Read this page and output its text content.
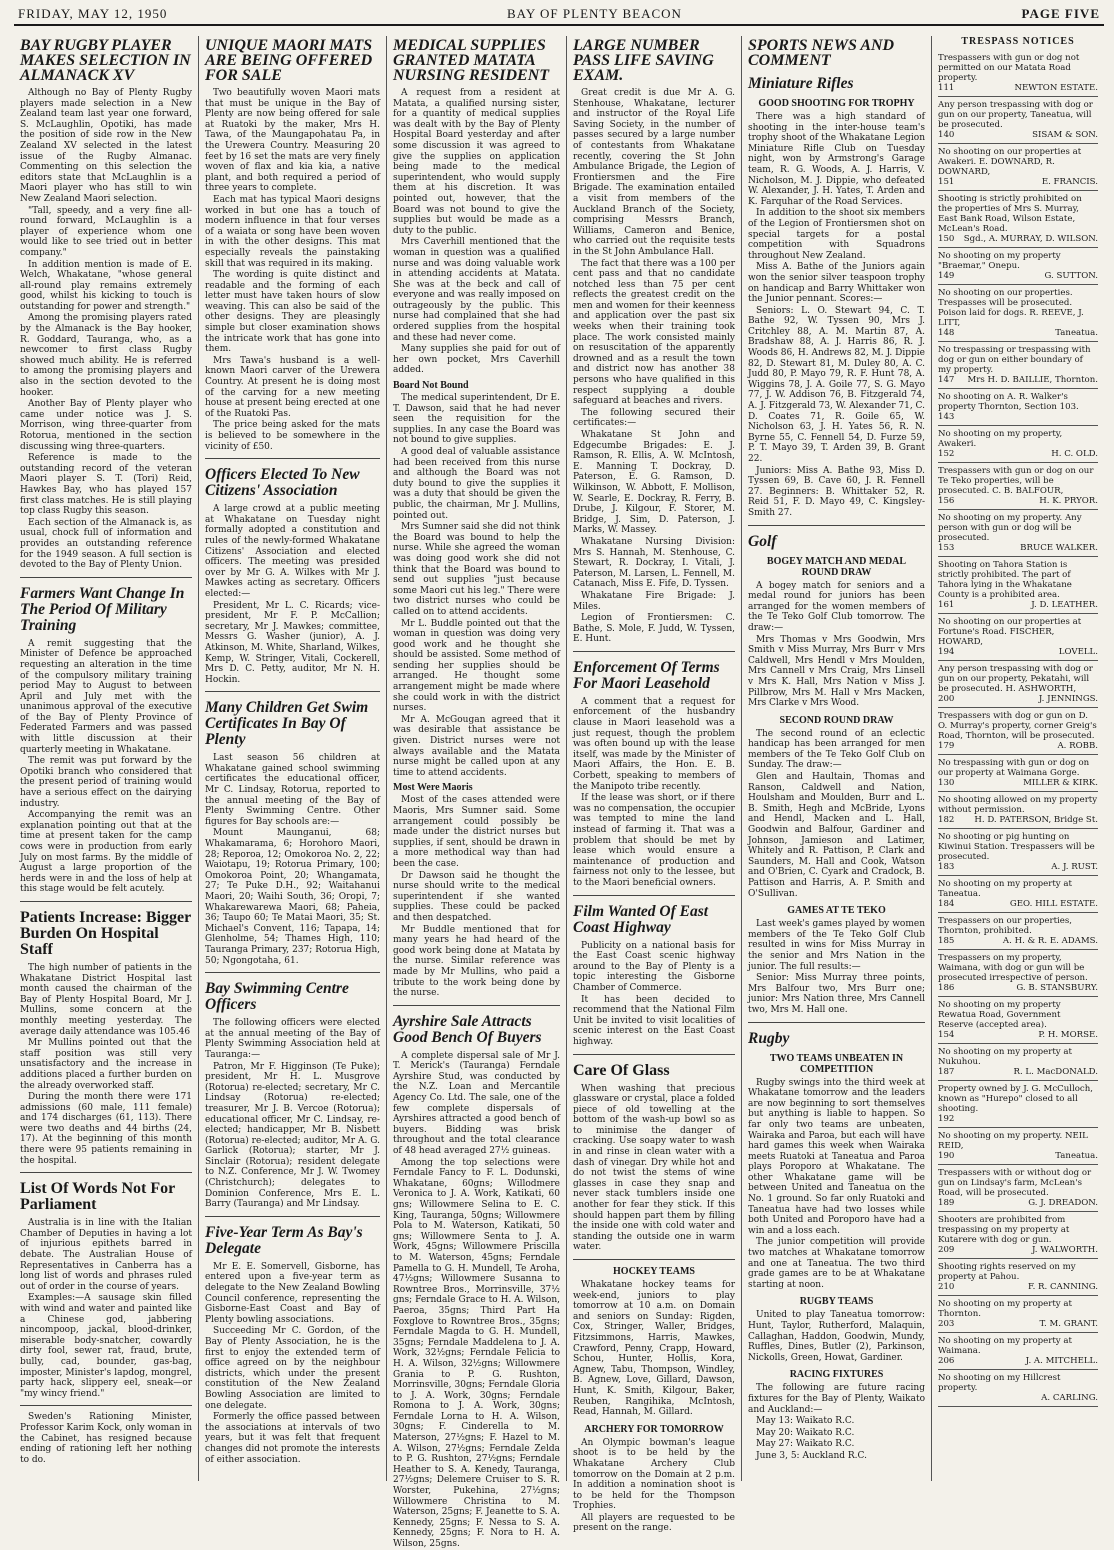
FRIDAY, MAY 12, 1950	BAY OF PLENTY BEACON	PAGE FIVE
BAY RUGBY PLAYER MAKES SELECTION IN ALMANACK XV

Although no Bay of Plenty Rugby players made selection in a New Zealand team last year one forward, S. McLaughlin, Opotiki, has made the position of side row in the New Zealand XV selected in the latest issue of the Rugby Almanac. Commenting on this selection the editors state that McLaughlin is a Maori player who has still to win New Zealand Maori selection.

"Tall, speedy, and a very fine all-round forward, McLaughlin is a player of experience whom one would like to see tried out in better company."

In addition mention is made of E. Welch, Whakatane, "whose general all-round play remains extremely good, whilst his kicking to touch is outstanding for power and strength."

Among the promising players rated by the Almanack is the Bay hooker, R. Goddard, Tauranga, who, as a newcomer to first class Rugby showed much ability. He is referred to among the promising players and also in the section devoted to the hooker.

Another Bay of Plenty player who came under notice was J. S. Morrison, wing three-quarter from Rotorua, mentioned in the section discussing wing three-quarters.

Reference is made to the outstanding record of the veteran Maori player S. T. (Tori) Reid, Hawkes Bay, who has played 157 first class matches. He is still playing top class Rugby this season.

Each section of the Almanack is, as usual, chock full of information and provides an outstanding reference for the 1949 season. A full section is devoted to the Bay of Plenty Union.

Farmers Want Change In The Period Of Military Training

A remit suggesting that the Minister of Defence be approached requesting an alteration in the time of the compulsory military training period May to August to between April and July met with the unanimous approval of the executive of the Bay of Plenty Province of Federated Farmers and was passed with little discussion at their quarterly meeting in Whakatane.

The remit was put forward by the Opotiki branch who considered that the present period of training would have a serious effect on the dairying industry.

Accompanying the remit was an explanation pointing out that at the time at present taken for the camp cows were in production from early July on most farms. By the middle of August a large proportion of the herds were in and the loss of help at this stage would be felt acutely.

Patients Increase: Bigger Burden On Hospital Staff

The high number of patients in the Whakatane District Hospital last month caused the chairman of the Bay of Plenty Hospital Board, Mr J. Mullins, some concern at the monthly meeting yesterday. The average daily attendance was 105.46

Mr Mullins pointed out that the staff position was still very unsatisfactory and the increase in additions placed a further burden on the already overworked staff.

During the month there were 171 admissions (60 male, 111 female) and 174 discharges (61, 113). There were two deaths and 44 births (24, 17). At the beginning of this month there were 95 patients remaining in the hospital.

List Of Words Not For Parliament

Australia is in line with the Italian Chamber of Deputies in having a lot of injurious epithets barred in debate. The Australian House of Representatives in Canberra has a long list of words and phrases ruled out of order in the course of years.

Examples:—A sausage skin filled with wind and water and painted like a Chinese god, jabbering nincompoop, jackal, blood-drinker, miserable body-snatcher, cowardly dirty fool, sewer rat, fraud, brute, bully, cad, bounder, gas-bag, imposter, Minister's lapdog, mongrel, party hack, slippery eel, sneak—or "my wincy friend."

Sweden's Rationing Minister, Professor Karim Kock, only woman in the Cabinet, has resigned because ending of rationing left her nothing to do.

UNIQUE MAORI MATS ARE BEING OFFERED FOR SALE

Two beautifully woven Maori mats that must be unique in the Bay of Plenty are now being offered for sale at Ruatoki by the maker, Mrs H. Tawa, of the Maungapohatau Pa, in the Urewera Country. Measuring 20 feet by 16 set the mats are very finely woven of flax and kia kia, a native plant, and both required a period of three years to complete.

Each mat has typical Maori designs worked in but one has a touch of modern influence in that four verses of a waiata or song have been woven in with the other designs. This mat especially reveals the painstaking skill that was required in its making.

The wording is quite distinct and readable and the forming of each letter must have taken hours of slow weaving. This can also be said of the other designs. They are pleasingly simple but closer examination shows the intricate work that has gone into them.

Mrs Tawa's husband is a well-known Maori carver of the Urewera Country. At present he is doing most of the carving for a new meeting house at present being erected at one of the Ruatoki Pas.

The price being asked for the mats is believed to be somewhere in the vicinity of £50.

Officers Elected To New Citizens' Association

A large crowd at a public meeting at Whakatane on Tuesday night formally adopted a constitution and rules of the newly-formed Whakatane Citizens' Association and elected officers. The meeting was presided over by Mr G. A. Wilkes with Mr J. Mawkes acting as secretary. Officers elected:—

President, Mr L. C. Ricards; vice-president, Mr F. P. McCallion; secretary, Mr J. Mawkes; committee, Messrs G. Washer (junior), A. J. Atkinson, M. White, Sharland, Wilkes, Kemp, W. Stringer, Vitali, Cockerell, Mrs D. C. Petty, auditor, Mr N. H. Hockin.

Many Children Get Swim Certificates In Bay Of Plenty

Last season 56 children at Whakatane gained school swimming certificates the educational officer, Mr C. Lindsay, Rotorua, reported to the annual meeting of the Bay of Plenty Swimming Centre. Other figures for Bay schools are:—

Mount Maunganui, 68; Whakamarama, 6; Horohoro Maori, 28; Reporoa, 12; Omokoroa No. 2, 22; Waiotapu, 19; Rotorua Primary, 100; Omokoroa Point, 20; Whangamata, 27; Te Puke D.H., 92; Waitahanui Maori, 20; Waihi South, 36; Oropi, 7; Whakarewarewa Maori, 68; Paheia, 36; Taupo 60; Te Matai Maori, 35; St. Michael's Convent, 116; Tapapa, 14; Glenholme, 54; Thames High, 110; Tauranga Primary, 237; Rotorua High, 50; Ngongotaha, 61.

Bay Swimming Centre Officers

The following officers were elected at the annual meeting of the Bay of Plenty Swimming Association held at Tauranga:—

Patron, Mr F. Higginson (Te Puke); president, Mr H. L. Musgrove (Rotorua) re-elected; secretary, Mr C. Lindsay (Rotorua) re-elected; treasurer, Mr J. B. Vercoe (Rotorua); educational officer, Mr C. Lindsay, re-elected; handicapper, Mr B. Nisbett (Rotorua) re-elected; auditor, Mr A. G. Garlick (Rotorua); starter, Mr J. Sinclair (Rotorua); resident delegate to N.Z. Conference, Mr J. W. Twomey (Christchurch); delegates to Dominion Conference, Mrs E. L. Barry (Tauranga) and Mr Lindsay.

Five-Year Term As Bay's Delegate

Mr E. E. Somervell, Gisborne, has entered upon a five-year term as delegate to the New Zealand Bowling Council conference, representing the Gisborne-East Coast and Bay of Plenty bowling associations.

Succeeding Mr C. Gordon, of the Bay of Plenty Association, he is the first to enjoy the extended term of office agreed on by the neighbour districts, which under the present constitution of the New Zealand Bowling Association are limited to one delegate.

Formerly the office passed between the associations at intervals of two years, but it was felt that frequent changes did not promote the interests of either association.

MEDICAL SUPPLIES GRANTED MATATA NURSING RESIDENT

A request from a resident at Matata, a qualified nursing sister, for a quantity of medical supplies was dealt with by the Bay of Plenty Hospital Board yesterday and after some discussion it was agreed to give the supplies on application being made to the medical superintendent, who would supply them at his discretion. It was pointed out, however, that the Board was not bound to give the supplies but would be made as a duty to the public.

Mrs Caverhill mentioned that the woman in question was a qualified nurse and was doing valuable work in attending accidents at Matata. She was at the beck and call of everyone and was really imposed on outrageously by the public. This nurse had complained that she had ordered supplies from the hospital and these had never come.

Many supplies she paid for out of her own pocket, Mrs Caverhill added.

Board Not Bound

The medical superintendent, Dr E. T. Dawson, said that he had never seen the requisition for the supplies. In any case the Board was not bound to give supplies.

A good deal of valuable assistance had been received from this nurse and although the Board was not duty bound to give the supplies it was a duty that should be given the public, the chairman, Mr J. Mullins, pointed out.

Mrs Sumner said she did not think the Board was bound to help the nurse. While she agreed the woman was doing good work she did not think that the Board was bound to send out supplies "just because some Maori cut his leg." There were two district nurses who could be called on to attend accidents.

Mr L. Buddle pointed out that the woman in question was doing very good work and he thought she should be assisted. Some method of sending her supplies should be arranged. He thought some arrangement might be made where she could work in with the district nurses.

Mr A. McGougan agreed that it was desirable that assistance be given. District nurses were not always available and the Matata nurse might be called upon at any time to attend accidents.

Most Were Maoris

Most of the cases attended were Maoris, Mrs Sumner said. Some arrangement could possibly be made under the district nurses but supplies, if sent, should be drawn in a more methodical way than had been the case.

Dr Dawson said he thought the nurse should write to the medical superintendent if she wanted supplies. These could be packed and then despatched.

Mr Buddle mentioned that for many years he had heard of the good work being done at Matata by the nurse. Similar reference was made by Mr Mullins, who paid a tribute to the work being done by the nurse.

Ayrshire Sale Attracts Good Bench Of Buyers

A complete dispersal sale of Mr J. T. Merick's (Tauranga) Ferndale Ayrshire Stud, was conducted by the N.Z. Loan and Mercantile Agency Co. Ltd. The sale, one of the few complete dispersals of Ayrshires attracted a good bench of buyers. Bidding was brisk throughout and the total clearance of 48 head averaged 27½ guineas.

Among the top selections were Ferndale Fancy to F. L. Dodunski, Whakatane, 60gns; Willodmere Veronica to J. A. Work, Katikati, 60 gns; Willowmere Selina to E. C. King, Tauranga, 50gns; Willowmere Pola to M. Waterson, Katikati, 50 gns; Willowmere Senta to J. A. Work, 45gns; Willowmere Priscilla to M. Waterson, 45gns; Ferndale Pamella to G. H. Mundell, Te Aroha, 47½gns; Willowmere Susanna to Rowntree Bros., Morrinsville, 37½ gns; Ferndale Grace to H. A. Wilson, Paeroa, 35gns; Third Part Ha Foxglove to Rowntree Bros., 35gns; Ferndale Magda to G. H. Mundell, 35gns; Ferndale Maddelena to J. A. Work, 32½gns; Ferndale Felicia to H. A. Wilson, 32½gns; Willowmere Grania to P. G. Rushton, Morrinsville, 30gns; Ferndale Gloria to J. A. Work, 30gns; Ferndale Romona to J. A. Work, 30gns; Ferndale Lorna to H. A. Wilson, 30gns; F. Cinderella to M. Materson, 27½gns; F. Hazel to M. A. Wilson, 27½gns; Ferndale Zelda to P. G. Rushton, 27½gns; Ferndale Heather to S. A. Kenedy, Tauranga, 27½gns; Delemere Cruiser to S. R. Worster, Pukehina, 27½gns; Willowmere Christina to M. Waterson, 25gns; F. Jeanette to S. A. Kennedy, 25gns; F. Nessa to S. A. Kennedy, 25gns; F. Nora to H. A. Wilson, 25gns.

LARGE NUMBER PASS LIFE SAVING EXAM.

Great credit is due Mr A. G. Stenhouse, Whakatane, lecturer and instructor of the Royal Life Saving Society, in the number of passes secured by a large number of contestants from Whakatane recently, covering the St John Ambulance Brigade, the Legion of Frontiersmen and the Fire Brigade. The examination entailed a visit from members of the Auckland Branch of the Society, comprising Messrs Branch, Williams, Cameron and Benice, who carried out the requisite tests in the St John Ambulance Hall.

The fact that there was a 100 per cent pass and that no candidate notched less than 75 per cent reflects the greatest credit on the men and women for their keenness and application over the past six weeks when their training took place. The work consisted mainly on resuscitation of the apparently drowned and as a result the town and district now has another 38 persons who have qualified in this respect supplying a double safeguard at beaches and rivers.

The following secured their certificates:—

Whakatane St John and Edgecumbe Brigades: E. J. Ramson, R. Ellis, A. W. McIntosh, E. Manning T. Dockray, D. Paterson, E. G. Ramson, D. Wilkinson, W. Abbott, F. Mollison, W. Searle, E. Dockray, R. Ferry, B. Drube, J. Kilgour, F. Storer, M. Bridge, J. Sim, D. Paterson, J. Marks, W. Massey.

Whakatane Nursing Division: Mrs S. Hannah, M. Stenhouse, C. Stewart, R. Dockray, I. Vitali, J. Paterson, M. Larsen, L. Fennell, M. Catanach, Miss E. Fife, D. Tyssen.

Whakatane Fire Brigade: J. Miles.

Legion of Frontiersmen: C. Bathe, S. Mole, F. Judd, W. Tyssen, E. Hunt.

Enforcement Of Terms For Maori Leasehold

A comment that a request for enforcement of the husbandry clause in Maori leasehold was a just request, though the problem was often bound up with the lease itself, was made by the Minister of Maori Affairs, the Hon. E. B. Corbett, speaking to members of the Manipoto tribe recently.

If the lease was short, or if there was no compensation, the occupier was tempted to mine the land instead of farming it. That was a problem that should be met by lease which would ensure a maintenance of production and fairness not only to the lessee, but to the Maori beneficial owners.

Film Wanted Of East Coast Highway

Publicity on a national basis for the East Coast scenic highway around to the Bay of Plenty is a topic interesting the Gisborne Chamber of Commerce.

It has been decided to recommend that the National Film Unit be invited to visit localities of scenic interest on the East Coast highway.

Care Of Glass

When washing that precious glassware or crystal, place a folded piece of old towelling at the bottom of the wash-up bowl so as to minimise the danger of cracking. Use soapy water to wash in and rinse in clean water with a dash of vinegar. Dry while hot and do not twist the stems of wine glasses in case they snap and never stack tumblers inside one another for fear they stick. If this should happen part them by filling the inside one with cold water and standing the outside one in warm water.

HOCKEY TEAMS

Whakatane hockey teams for week-end, juniors to play tomorrow at 10 a.m. on Domain and seniors on Sunday: Rigden, Cox, Stringer, Waller, Bridges, Fitzsimmons, Harris, Mawkes, Crawford, Penny, Crapp, Howard, Schou, Hunter, Hollis, Kora, Agnew, Tabu, Thompson, Windley, B. Agnew, Love, Gillard, Dawson, Hunt, K. Smith, Kilgour, Baker, Reuben, Rangihika, McIntosh, Read, Hannah, M. Gillard.

ARCHERY FOR TOMORROW

An Olympic bowman's league shoot is to be held by the Whakatane Archery Club tomorrow on the Domain at 2 p.m. In addition a nomination shoot is to be held for the Thompson Trophies.

All players are requested to be present on the range.

SPORTS NEWS AND COMMENT
Miniature Rifles
GOOD SHOOTING FOR TROPHY

There was a high standard of shooting in the inter-house team's trophy shoot of the Whakatane Legion Miniature Rifle Club on Tuesday night, won by Armstrong's Garage team, R. G. Woods, A. J. Harris, V. Nicholson, M. J. Dippie, who defeated W. Alexander, J. H. Yates, T. Arden and K. Farquhar of the Road Services.

In addition to the shoot six members of the Legion of Frontiersmen shot on special targets for a postal competition with Squadrons throughout New Zealand.

Miss A. Bathe of the Juniors again won the senior silver teaspoon trophy on handicap and Barry Whittaker won the Junior pennant. Scores:—

Seniors: L. O. Stewart 94, C. T. Bathe 92, W. Tyssen 90, Mrs J. Critchley 88, A. M. Martin 87, A. Bradshaw 88, A. J. Harris 86, R. J. Woods 86, H. Andrews 82, M. J. Dippie 82, D. Stewart 81, M. Duley 80, A. C. Judd 80, P. Mayo 79, R. F. Hunt 78, A. Wiggins 78, J. A. Goile 77, S. G. Mayo 77, J. W. Addison 76, B. Fitzgerald 74, A. J. Fitzgerald 73, W. Alexander 71, C. D. Coates 71, R. Goile 65, W. Nicholson 63, J. H. Yates 56, R. N. Byrne 55, C. Fennell 54, D. Furze 59, P. T. Mayo 39, T. Arden 39, B. Grant 22.

Juniors: Miss A. Bathe 93, Miss D. Tyssen 69, B. Cave 60, J. R. Fennell 27. Beginners: B. Whittaker 52, R. Reid 51, F. D. Mayo 49, C. Kingsley-Smith 27.

Golf
BOGEY MATCH AND MEDAL ROUND DRAW

A bogey match for seniors and a medal round for juniors has been arranged for the women members of the Te Teko Golf Club tomorrow. The draw:—

Mrs Thomas v Mrs Goodwin, Mrs Smith v Miss Murray, Mrs Burr v Mrs Caldwell, Mrs Hendl v Mrs Moulden, Mrs Cannell v Mrs Craig, Mrs Linsell v Mrs K. Hall, Mrs Nation v Miss J. Pillbrow, Mrs M. Hall v Mrs Macken, Mrs Clarke v Mrs Wood.

SECOND ROUND DRAW

The second round of an eclectic handicap has been arranged for men members of the Te Teko Golf Club on Sunday. The draw:—

Glen and Haultain, Thomas and Ranson, Caldwell and Nation, Houlsham and Moulden, Burr and L. B. Smith, Hegh and McBride, Lyons and Hendl, Macken and L. Hall, Goodwin and Balfour, Gardiner and Johnson, Jamieson and Latimer, Whitely and R. Pattison, P. Clark and Saunders, M. Hall and Cook, Watson and O'Brien, C. Cyark and Cradock, B. Pattison and Harris, A. P. Smith and O'Sullivan.

GAMES AT TE TEKO

Last week's games played by women members of the Te Teko Golf Club resulted in wins for Miss Murray in the senior and Mrs Nation in the junior. The full results:—

Senior: Miss Murray three points, Mrs Balfour two, Mrs Burr one; junior: Mrs Nation three, Mrs Cannell two, Mrs M. Hall one.

Rugby
TWO TEAMS UNBEATEN IN COMPETITION

Rugby swings into the third week at Whakatane tomorrow and the leaders are now beginning to sort themselves but anything is liable to happen. So far only two teams are unbeaten, Wairaka and Paroa, but each will have hard games this week when Wairaka meets Ruatoki at Taneatua and Paroa plays Poroporo at Whakatane. The other Whakatane game will be between United and Taneatua on the No. 1 ground. So far only Ruatoki and Taneatua have had two losses while both United and Poroporo have had a win and a loss each.

The junior competition will provide two matches at Whakatane tomorrow and one at Taneatua. The two third grade games are to be at Whakatane starting at noon.

RUGBY TEAMS

United to play Taneatua tomorrow: Hunt, Taylor, Rutherford, Malaquin, Callaghan, Haddon, Goodwin, Mundy, Ruffles, Dines, Butler (2), Parkinson, Nickolls, Green, Howat, Gardiner.

RACING FIXTURES

The following are future racing fixtures for the Bay of Plenty, Waikato and Auckland:—

May 13: Waikato R.C.

May 20: Waikato R.C.

May 27: Waikato R.C.

June 3, 5: Auckland R.C.

TRESPASS NOTICES
Trespassers with gun or dog not permitted on our Matata Road property.
111	NEWTON ESTATE.
Any person trespassing with dog or gun on our property, Taneatua, will be prosecuted.
140	SISAM & SON.
No shooting on our properties at Awakeri. E. DOWNARD, R. DOWNARD,
151	E. FRANCIS.
Shooting is strictly prohibited on the properties of Mrs S. Murray, East Bank Road, Wilson Estate, McLean's Road.
150 Sgd., A. MURRAY, D. WILSON.
No shooting on my property "Braemar," Onepu.
149	G. SUTTON.
No shooting on our properties. Trespasses will be prosecuted. Poison laid for dogs. R. REEVE, J. LITT,
148	Taneatua.
No trespassing or trespassing with dog or gun on either boundary of my property.
147 Mrs H. D. BAILLIE, Thornton.
No shooting on A. R. Walker's property Thornton, Section 103.
143
No shooting on my property, Awakeri.
152	H. C. OLD.
Trespassers with gun or dog on our Te Teko properties, will be prosecuted. C. B. BALFOUR,
156	H. K. PRYOR.
No shooting on my property. Any person with gun or dog will be prosecuted.
153	BRUCE WALKER.
Shooting on Tahora Station is strictly prohibited. The part of Tahora lying in the Whakatane County is a prohibited area.
161	J. D. LEATHER.
No shooting on our properties at Fortune's Road. FISCHER, HOWARD,
194	LOVELL.
Any person trespassing with dog or gun on our property, Pekatahi, will be prosecuted. H. ASHWORTH,
200	J. JENNINGS.
Trespassers with dog or gun on D. O. Murray's property, corner Greig's Road, Thornton, will be prosecuted.
179	A. ROBB.
No trespassing with gun or dog on our property at Waimana Gorge.
130	MILLER & KIRK.
No shooting allowed on my property without permission.
182 H. D. PATERSON, Bridge St.
No shooting or pig hunting on Kiwinui Station. Trespassers will be prosecuted.
183	A. J. RUST.
No shooting on my property at Taneatua.
184	GEO. HILL ESTATE.
Trespassers on our properties, Thornton, prohibited.
185	A. H. & R. E. ADAMS.
Trespassers on my property, Waimana, with dog or gun will be prosecuted irrespective of person.
186	G. B. STANSBURY.
No shooting on my property Rewatua Road, Government Reserve (accepted area).
154	P. H. MORSE.
No shooting on my property at Nukuhou.
187	R. L. MacDONALD.
Property owned by J. G. McCulloch, known as "Hurepo" closed to all shooting.
192
No shooting on my property. NEIL REID,
190	Taneatua.
Trespassers with or without dog or gun on Lindsay's farm, McLean's Road, will be prosecuted.
189	G. J. DREADON.
Shooters are prohibited from trespassing on my property at Kutarere with dog or gun.
209	J. WALWORTH.
Shooting rights reserved on my property at Pahou.
210	F. R. CANNING.
No shooting on my property at Thornton.
203	T. M. GRANT.
No shooting on my property at Waimana.
206	J. A. MITCHELL.
No shooting on my Hillcrest property.
A. CARLING.
